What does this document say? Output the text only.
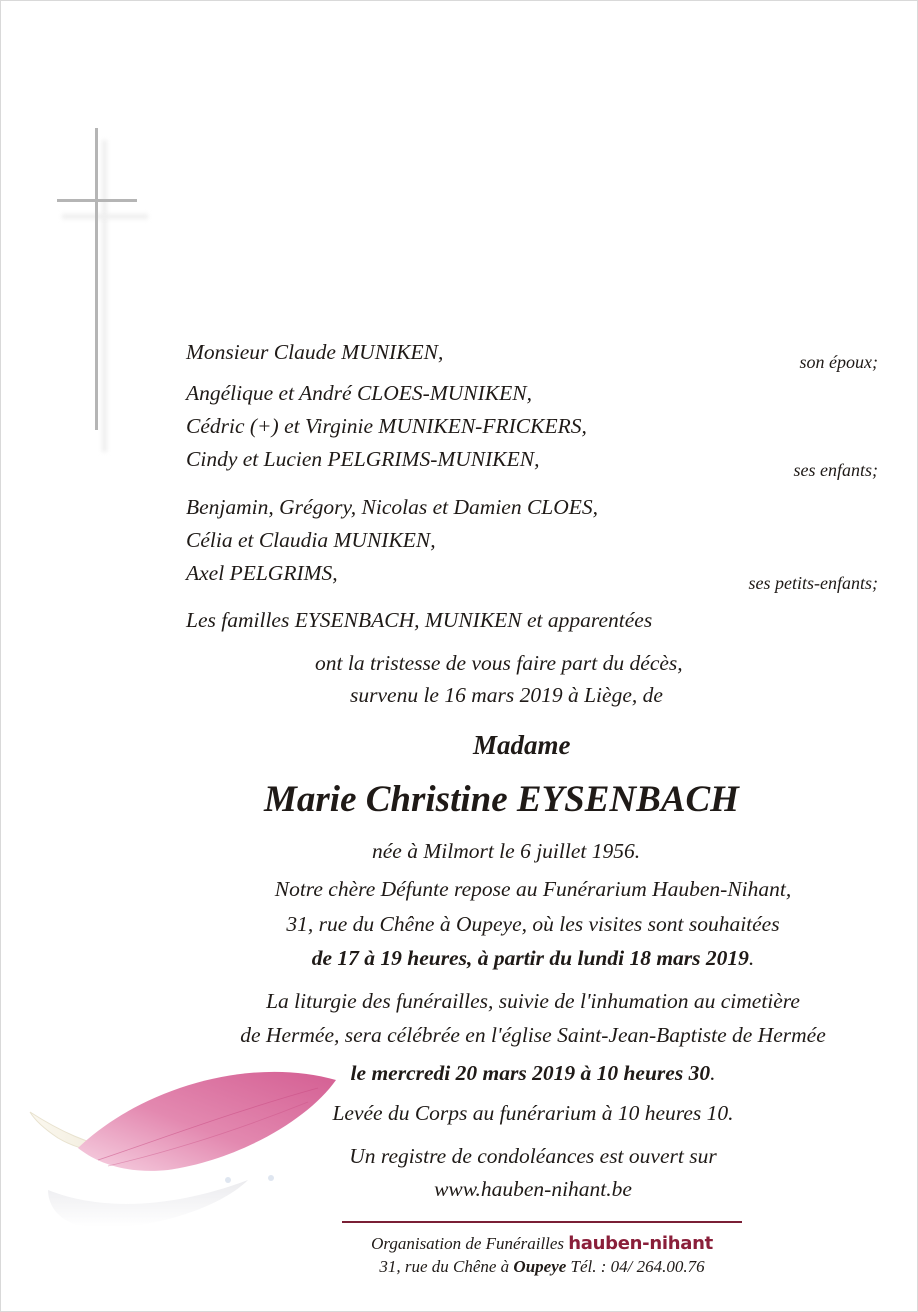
Monsieur Claude MUNIKEN,	son époux;
Angélique et André CLOES-MUNIKEN,
Cédric (+) et Virginie MUNIKEN-FRICKERS,
Cindy et Lucien PELGRIMS-MUNIKEN,	ses enfants;
Benjamin, Grégory, Nicolas et Damien CLOES,
Célia et Claudia MUNIKEN,
Axel PELGRIMS,	ses petits-enfants;
Les familles EYSENBACH, MUNIKEN et apparentées
ont la tristesse de vous faire part du décès,
survenu le 16 mars 2019 à Liège, de
Madame
Marie Christine EYSENBACH
née à Milmort le 6 juillet 1956.
Notre chère Défunte repose au Funérarium Hauben-Nihant,
31, rue du Chêne à Oupeye, où les visites sont souhaitées
de 17 à 19 heures, à partir du lundi 18 mars 2019.
La liturgie des funérailles, suivie de l'inhumation au cimetière
de Hermée, sera célébrée en l'église Saint-Jean-Baptiste de Hermée
le mercredi 20 mars 2019 à 10 heures 30.
Levée du Corps au funérarium à 10 heures 10.
Un registre de condoléances est ouvert sur
www.hauben-nihant.be
Organisation de Funérailles hauben-nihant
31, rue du Chêne à Oupeye Tél. : 04/ 264.00.76
